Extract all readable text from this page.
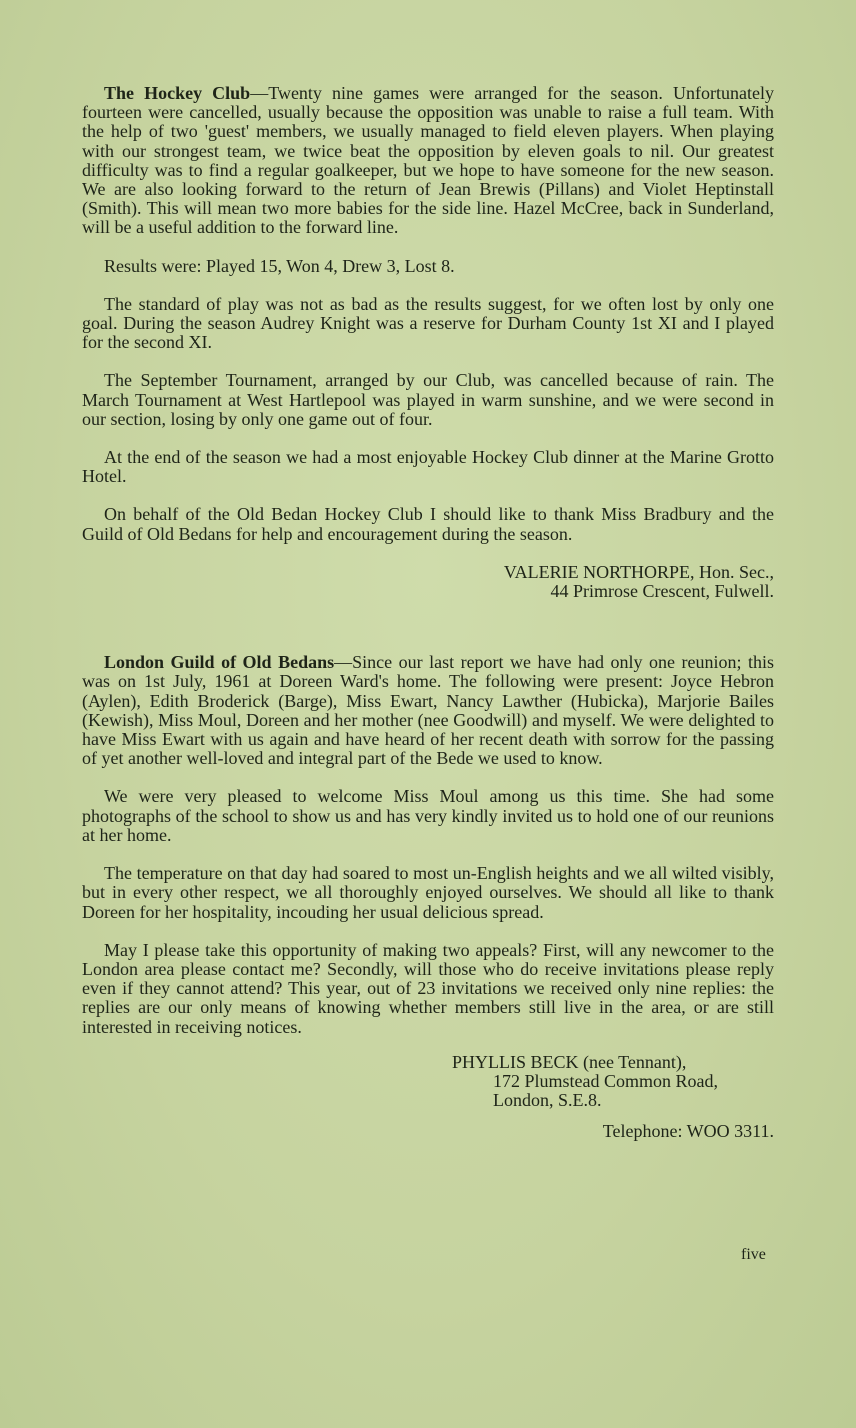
The Hockey Club—Twenty nine games were arranged for the season. Unfortunately fourteen were cancelled, usually because the opposition was unable to raise a full team. With the help of two 'guest' members, we usually managed to field eleven players. When playing with our strongest team, we twice beat the opposition by eleven goals to nil. Our greatest difficulty was to find a regular goalkeeper, but we hope to have someone for the new season. We are also looking forward to the return of Jean Brewis (Pillans) and Violet Heptinstall (Smith). This will mean two more babies for the side line. Hazel McCree, back in Sunderland, will be a useful addition to the forward line.

Results were: Played 15, Won 4, Drew 3, Lost 8.

The standard of play was not as bad as the results suggest, for we often lost by only one goal. During the season Audrey Knight was a reserve for Durham County 1st XI and I played for the second XI.

The September Tournament, arranged by our Club, was cancelled because of rain. The March Tournament at West Hartlepool was played in warm sunshine, and we were second in our section, losing by only one game out of four.

At the end of the season we had a most enjoyable Hockey Club dinner at the Marine Grotto Hotel.

On behalf of the Old Bedan Hockey Club I should like to thank Miss Bradbury and the Guild of Old Bedans for help and encouragement during the season.

VALERIE NORTHORPE, Hon. Sec.,
44 Primrose Crescent, Fulwell.

London Guild of Old Bedans—Since our last report we have had only one reunion; this was on 1st July, 1961 at Doreen Ward's home. The following were present: Joyce Hebron (Aylen), Edith Broderick (Barge), Miss Ewart, Nancy Lawther (Hubicka), Marjorie Bailes (Kewish), Miss Moul, Doreen and her mother (nee Goodwill) and myself. We were delighted to have Miss Ewart with us again and have heard of her recent death with sorrow for the passing of yet another well-loved and integral part of the Bede we used to know.

We were very pleased to welcome Miss Moul among us this time. She had some photographs of the school to show us and has very kindly invited us to hold one of our reunions at her home.

The temperature on that day had soared to most un-English heights and we all wilted visibly, but in every other respect, we all thoroughly enjoyed ourselves. We should all like to thank Doreen for her hospitality, incouding her usual delicious spread.

May I please take this opportunity of making two appeals? First, will any newcomer to the London area please contact me? Secondly, will those who do receive invitations please reply even if they cannot attend? This year, out of 23 invitations we received only nine replies: the replies are our only means of knowing whether members still live in the area, or are still interested in receiving notices.

PHYLLIS BECK (nee Tennant),
172 Plumstead Common Road,
London, S.E.8.
Telephone: WOO 3311.
five
